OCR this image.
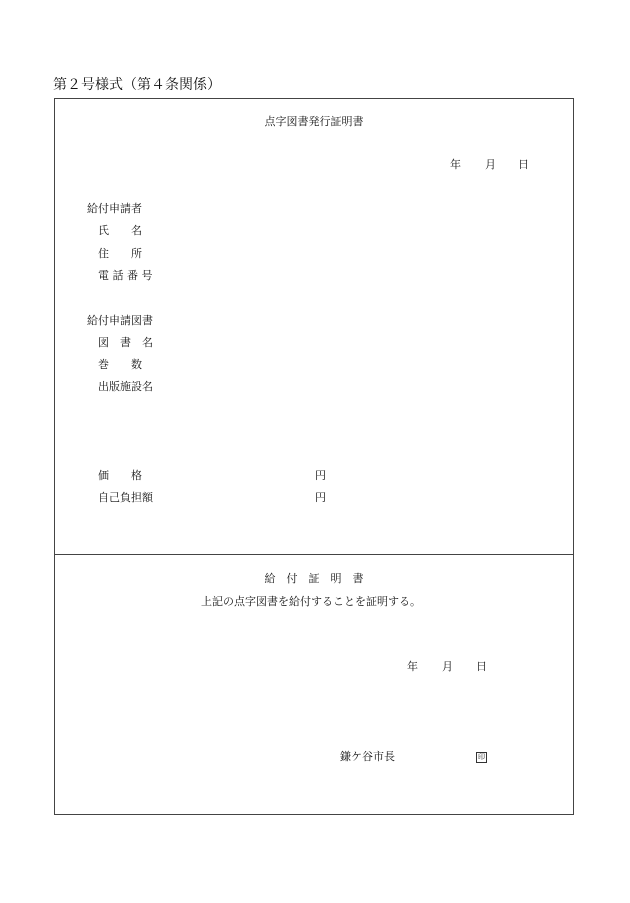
第２号様式（第４条関係）
点字図書発行証明書
年 月 日
給付申請者
氏　　名
住　　所
電 話 番 号
給付申請図書
図　書　名
巻　　数
出版施設名
価　　格	円
自己負担額	円
給　付　証　明　書
上記の点字図書を給付することを証明する。
年 月 日
鎌ケ谷市長	印
